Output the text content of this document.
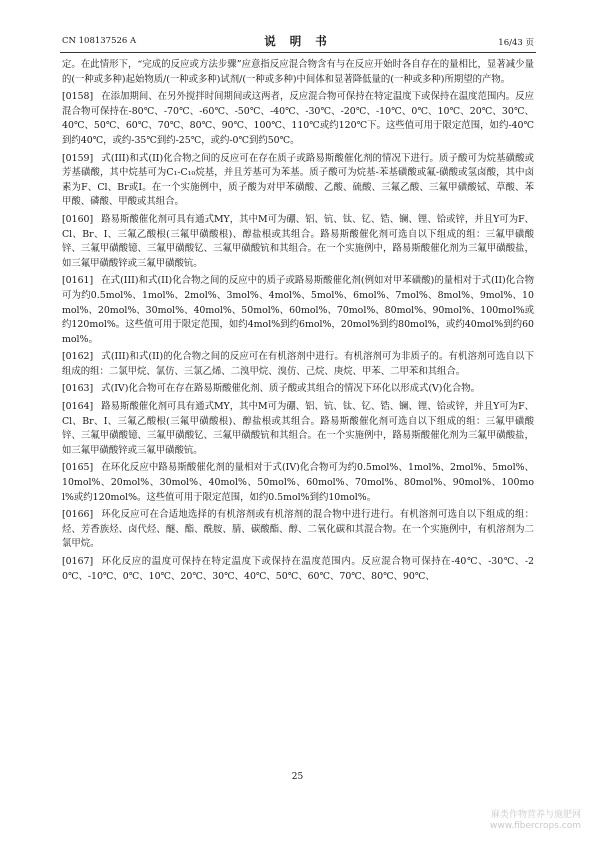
CN 108137526 A	说 明 书	16/43 页

定。在此情形下，“完成的反应或方法步骤”应意指反应混合物含有与在反应开始时各自存在的量相比，显著减少量的(一种或多种)起始物质/(一种或多种)试剂/(一种或多种)中间体和显著降低量的(一种或多种)所期望的产物。

[0158] 在添加期间、在另外搅拌时间期间或这两者，反应混合物可保持在特定温度下或保持在温度范围内。反应混合物可保持在-80℃、-70℃、-60℃、-50℃、-40℃、-30℃、-20℃、-10℃、0℃、10℃、20℃、30℃、40℃、50℃、60℃、70℃、80℃、90℃、100℃、110℃或约120℃下。这些值可用于限定范围，如约-40℃到约40℃，或约-35℃到约-25℃，或约-0℃到约50℃。

[0159] 式(III)和式(II)化合物之间的反应可在存在质子或路易斯酸催化剂的情况下进行。质子酸可为烷基磺酸或芳基磺酸，其中烷基可为C₁-C₁₀烷基，并且芳基可为苯基。质子酸可为烷基-苯基磺酸或氟-磺酸或氢卤酸，其中卤素为F、Cl、Br或I。在一个实施例中，质子酸为对甲苯磺酸、乙酸、硫酸、三氟乙酸、三氟甲磺酸铽、草酸、苯甲酸、磷酸、甲酸或其组合。

[0160] 路易斯酸催化剂可具有通式MY，其中M可为硼、铝、钪、钛、钇、锆、镧、锂、铪或锌，并且Y可为F、Cl、Br、I、三氟乙酸根(三氟甲磺酸根)、醇盐根或其组合。路易斯酸催化剂可选自以下组成的组：三氟甲磺酸锌、三氟甲磺酸镱、三氟甲磺酸钇、三氟甲磺酸钪和其组合。在一个实施例中，路易斯酸催化剂为三氟甲磺酸盐，如三氟甲磺酸锌或三氟甲磺酸钪。

[0161] 在式(III)和式(II)化合物之间的反应中的质子或路易斯酸催化剂(例如对甲苯磺酸)的量相对于式(II)化合物可为约0.5mol%、1mol%、2mol%、3mol%、4mol%、5mol%、6mol%、7mol%、8mol%、9mol%、10mol%、20mol%、30mol%、40mol%、50mol%、60mol%、70mol%、80mol%、90mol%、100mol%或约120mol%。这些值可用于限定范围，如约4mol%到约6mol%，20mol%到约80mol%，或约40mol%到约60mol%。

[0162] 式(III)和式(II)的化合物之间的反应可在有机溶剂中进行。有机溶剂可为非质子的。有机溶剂可选自以下组成的组：二氯甲烷、氯仿、三氯乙烯、二溴甲烷、溴仿、己烷、庚烷、甲苯、二甲苯和其组合。

[0163] 式(IV)化合物可在存在路易斯酸催化剂、质子酸或其组合的情况下环化以形成式(V)化合物。

[0164] 路易斯酸催化剂可具有通式MY，其中M可为硼、铝、钪、钛、钇、锆、镧、锂、铪或锌，并且Y可为F、Cl、Br、I、三氟乙酸根(三氟甲磺酸根)、醇盐根或其组合。路易斯酸催化剂可选自以下组成的组：三氟甲磺酸锌、三氟甲磺酸镱、三氟甲磺酸钇、三氟甲磺酸钪和其组合。在一个实施例中，路易斯酸催化剂为三氟甲磺酸盐，如三氟甲磺酸锌或三氟甲磺酸钪。

[0165] 在环化反应中路易斯酸催化剂的量相对于式(IV)化合物可为约0.5mol%、1mol%、2mol%、5mol%、10mol%、20mol%、30mol%、40mol%、50mol%、60mol%、70mol%、80mol%、90mol%、100mol%或约120mol%。这些值可用于限定范围，如约0.5mol%到约10mol%。

[0166] 环化反应可在合适地选择的有机溶剂或有机溶剂的混合物中进行进行。有机溶剂可选自以下组成的组：烃、芳香族烃、卤代烃、醚、酯、酰胺、腈、碳酸酯、醇、二氧化碳和其混合物。在一个实施例中，有机溶剂为二氯甲烷。

[0167] 环化反应的温度可保持在特定温度下或保持在温度范围内。反应混合物可保持在-40℃、-30℃、-20℃、-10℃、0℃、10℃、20℃、30℃、40℃、50℃、60℃、70℃、80℃、90℃、

25
麻类作物营养与施肥网
www.fibercrops.com
